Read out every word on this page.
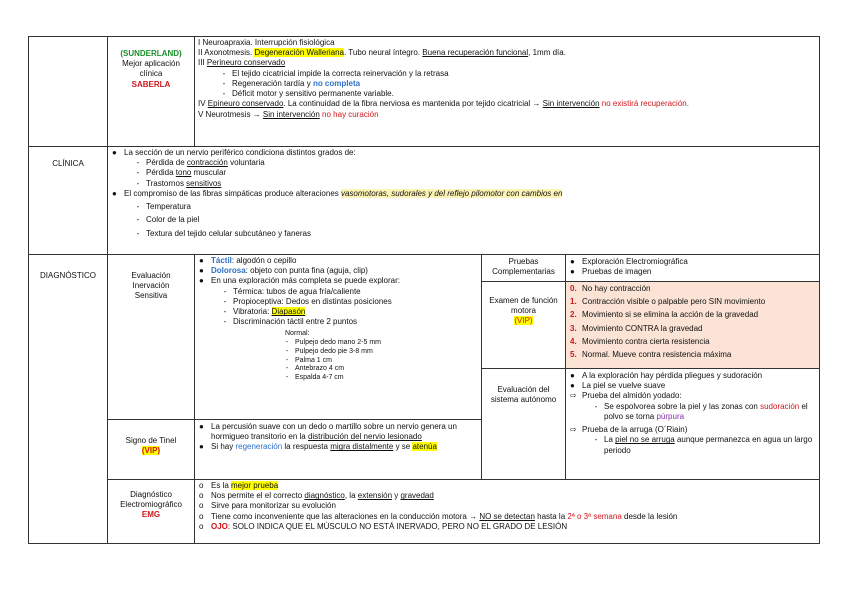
(SUNDERLAND)
Mejor aplicación
clínica
SABERLA
I Neuroapraxia. Interrupción fisiológica
II Axonotmesis. Degeneración Walleriana. Tubo neural íntegro. Buena recuperación funcional, 1mm día.
III Perineuro conservado
- El tejido cicatricial impide la correcta reinervación y la retrasa
- Regeneración tardía y no completa
- Déficit motor y sensitivo permanente variable.
IV Epineuro conservado. La continuidad de la fibra nerviosa es mantenida por tejido cicatricial → Sin intervención no existirá recuperación.
V Neurotmesis → Sin intervención no hay curación
CLÍNICA
● La sección de un nervio periférico condiciona distintos grados de:
- Pérdida de contracción voluntaria
- Pérdida tono muscular
- Trastornos sensitivos
● El compromiso de las fibras simpáticas produce alteraciones vasomotoras, sudorales y del reflejo pilomotor con cambios en
- Temperatura
- Color de la piel
- Textura del tejido celular subcutáneo y faneras
DIAGNÓSTICO	Evaluación
Inervación
Sensitiva
● Táctil: algodón o cepillo
● Dolorosa: objeto con punta fina (aguja, clip)
● En una exploración más completa se puede explorar:
- Térmica: tubos de agua fría/caliente
- Propioceptiva: Dedos en distintas posiciones
- Vibratoria: Diapasón
- Discriminación táctil entre 2 puntos
Normal:
- Pulpejo dedo mano 2-5 mm
- Pulpejo dedo pie 3-8 mm
- Palma 1 cm
- Antebrazo 4 cm
- Espalda 4-7 cm
Signo de Tinel
(VIP)
● La percusión suave con un dedo o martillo sobre un nervio genera un hormigueo transitorio en la distribución del nervio lesionado
● Si hay regeneración la respuesta migra distalmente y se atenúa
Pruebas
Complementarias
● Exploración Electromiográfica
● Pruebas de imagen
Examen de función
motora
(VIP)
0. No hay contracción
1. Contracción visible o palpable pero SIN movimiento
2. Movimiento si se elimina la acción de la gravedad
3. Movimiento CONTRA la gravedad
4. Movimiento contra cierta resistencia
5. Normal. Mueve contra resistencia máxima
Evaluación del
sistema autónomo
● A la exploración hay pérdida pliegues y sudoración
● La piel se vuelve suave
⇨ Prueba del almidón yodado:
- Se espolvorea sobre la piel y las zonas con sudoración el polvo se torna púrpura
⇨ Prueba de la arruga (O´Riain)
- La piel no se arruga aunque permanezca en agua un largo periodo
Diagnóstico
Electromiográfico
EMG
o Es la mejor prueba
o Nos permite el el correcto diagnóstico, la extensión y gravedad
o Sirve para monitorizar su evolución
o Tiene como inconveniente que las alteraciones en la conducción motora → NO se detectan hasta la 2ª o 3ª semana desde la lesión
o OJO: SOLO INDICA QUE EL MÚSCULO NO ESTÁ INERVADO, PERO NO EL GRADO DE LESIÓN
